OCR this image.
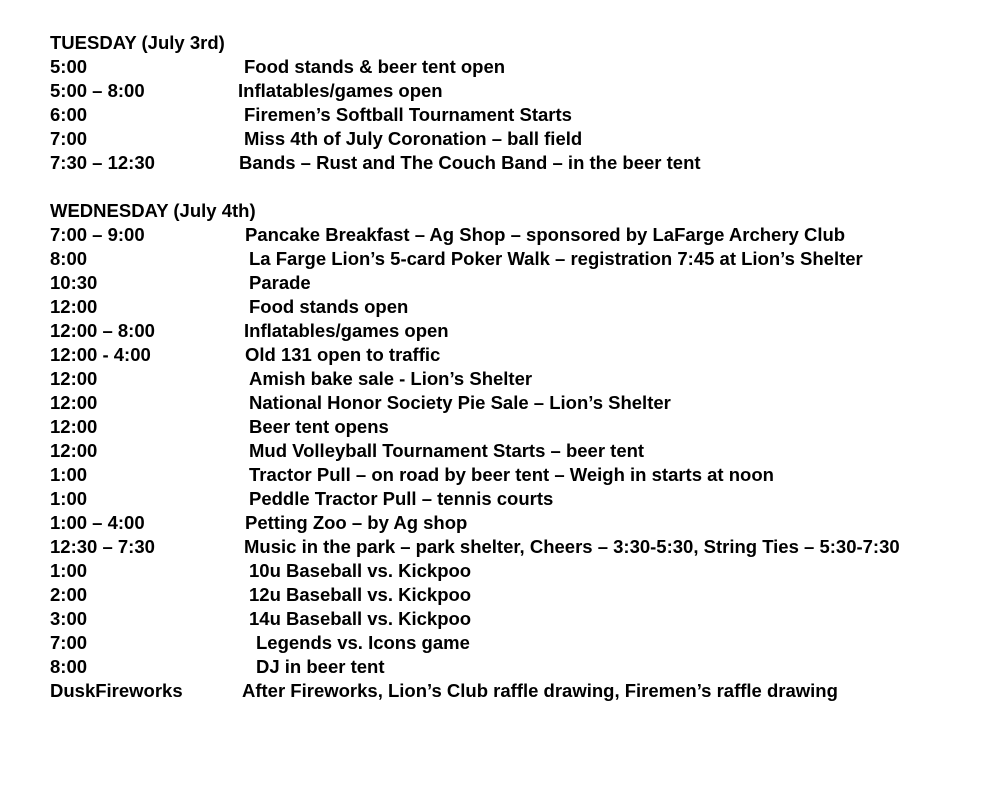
TUESDAY (July 3rd)
5:00	Food stands & beer tent open
5:00 – 8:00	Inflatables/games open
6:00	Firemen’s Softball Tournament Starts
7:00	Miss 4th of July Coronation – ball field
7:30 – 12:30	Bands – Rust and The Couch Band – in the beer tent
WEDNESDAY (July 4th)
7:00 – 9:00	Pancake Breakfast – Ag Shop – sponsored by LaFarge Archery Club
8:00	La Farge Lion’s 5-card Poker Walk – registration 7:45 at Lion’s Shelter
10:30	Parade
12:00	Food stands open
12:00 – 8:00	Inflatables/games open
12:00 - 4:00	Old 131 open to traffic
12:00	Amish bake sale - Lion’s Shelter
12:00	National Honor Society Pie Sale – Lion’s Shelter
12:00	Beer tent opens
12:00	Mud Volleyball Tournament Starts – beer tent
1:00	Tractor Pull – on road by beer tent – Weigh in starts at noon
1:00	Peddle Tractor Pull – tennis courts
1:00 – 4:00	Petting Zoo – by Ag shop
12:30 – 7:30	Music in the park – park shelter, Cheers – 3:30-5:30, String Ties – 5:30-7:30
1:00	10u Baseball vs. Kickpoo
2:00	12u Baseball vs. Kickpoo
3:00	14u Baseball vs. Kickpoo
7:00	Legends vs. Icons game
8:00	DJ in beer tent
DuskFireworks	After Fireworks, Lion’s Club raffle drawing, Firemen’s raffle drawing
